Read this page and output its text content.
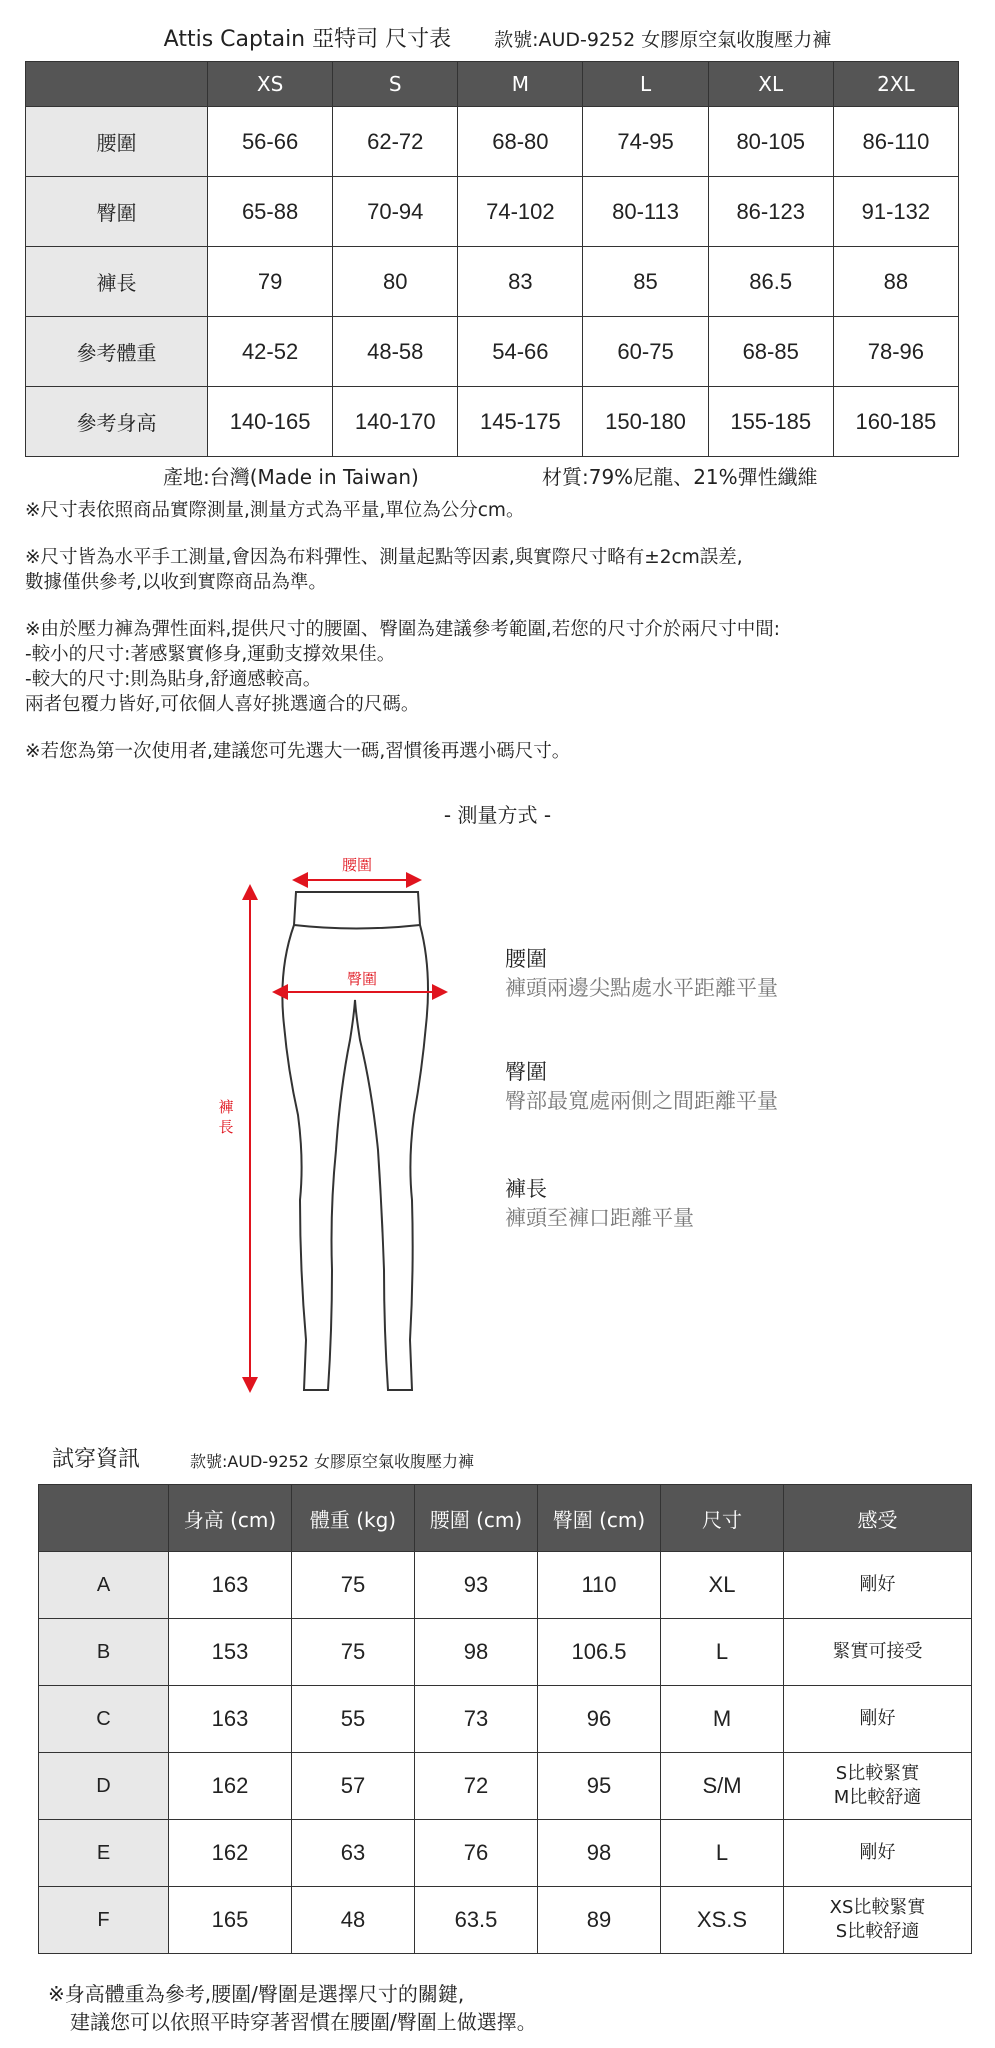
Attis Captain 亞特司 尺寸表 款號:AUD-9252 女膠原空氣收腹壓力褲
	XS	S	M	L	XL	2XL
腰圍	56-66	62-72	68-80	74-95	80-105	86-110
臀圍	65-88	70-94	74-102	80-113	86-123	91-132
褲長	79	80	83	85	86.5	88
參考體重	42-52	48-58	54-66	60-75	68-85	78-96
參考身高	140-165	140-170	145-175	150-180	155-185	160-185
產地:台灣(Made in Taiwan)	材質:79%尼龍、21%彈性纖維

※尺寸表依照商品實際測量,測量方式為平量,單位為公分cm。

※尺寸皆為水平手工測量,會因為布料彈性、測量起點等因素,與實際尺寸略有±2cm誤差,
數據僅供參考,以收到實際商品為準。

※由於壓力褲為彈性面料,提供尺寸的腰圍、臀圍為建議參考範圍,若您的尺寸介於兩尺寸中間:
-較小的尺寸:著感緊實修身,運動支撐效果佳。
-較大的尺寸:則為貼身,舒適感較高。
兩者包覆力皆好,可依個人喜好挑選適合的尺碼。

※若您為第一次使用者,建議您可先選大一碼,習慣後再選小碼尺寸。

- 測量方式 -
腰圍
臀圍
褲
長
腰圍
褲頭兩邊尖點處水平距離平量
臀圍
臀部最寬處兩側之間距離平量
褲長
褲頭至褲口距離平量
試穿資訊	款號:AUD-9252 女膠原空氣收腹壓力褲
	身高 (cm)	體重 (kg)	腰圍 (cm)	臀圍 (cm)	尺寸	感受
A	163	75	93	110	XL	剛好
B	153	75	98	106.5	L	緊實可接受
C	163	55	73	96	M	剛好
D	162	57	72	95	S/M	S比較緊實
M比較舒適
E	162	63	76	98	L	剛好
F	165	48	63.5	89	XS.S	XS比較緊實
S比較舒適
※身高體重為參考,腰圍/臀圍是選擇尺寸的關鍵,
建議您可以依照平時穿著習慣在腰圍/臀圍上做選擇。
